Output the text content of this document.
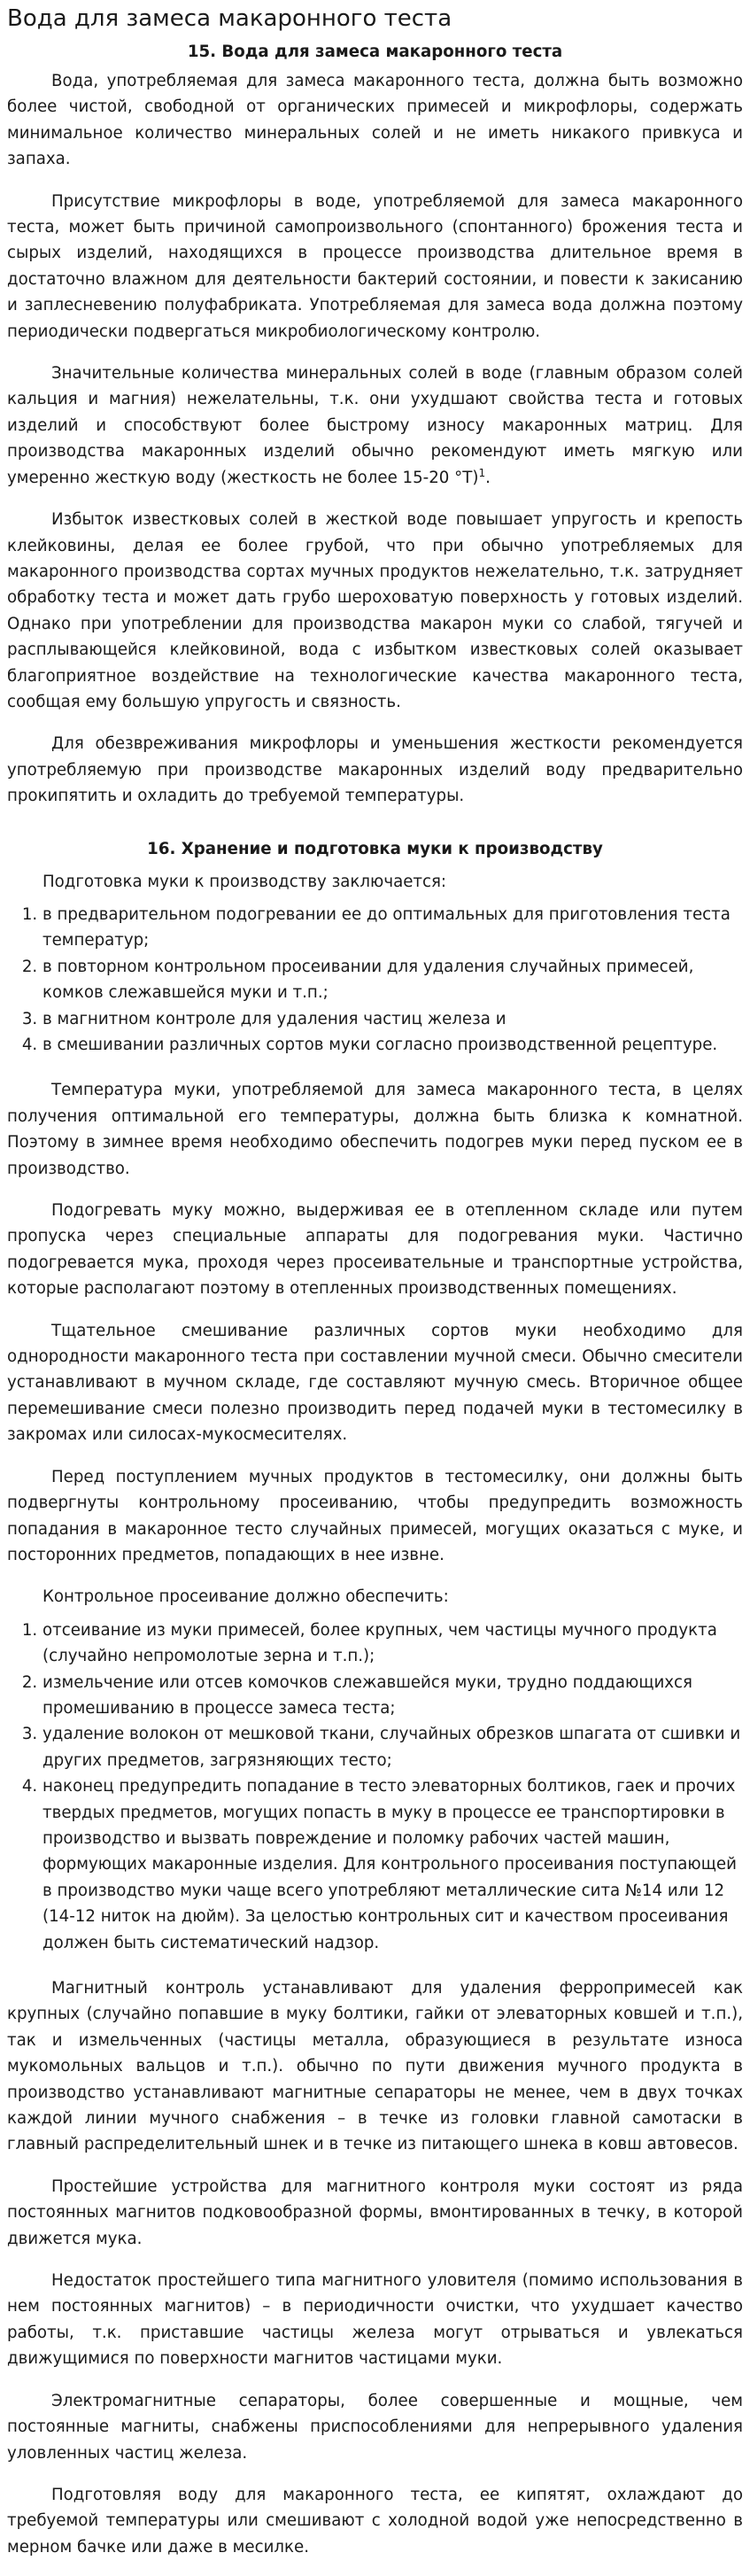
Вода для замеса макаронного теста
15. Вода для замеса макаронного теста

Вода, употребляемая для замеса макаронного теста, должна быть возможно более чистой, свободной от органических примесей и микрофлоры, содержать минимальное количество минеральных солей и не иметь никакого привкуса и запаха.

Присутствие микрофлоры в воде, употребляемой для замеса макаронного теста, может быть причиной самопроизвольного (спонтанного) брожения теста и сырых изделий, находящихся в процессе производства длительное время в достаточно влажном для деятельности бактерий состоянии, и повести к закисанию и заплесневению полуфабриката. Употребляемая для замеса вода должна поэтому периодически подвергаться микробиологическому контролю.

Значительные количества минеральных солей в воде (главным образом солей кальция и магния) нежелательны, т.к. они ухудшают свойства теста и готовых изделий и способствуют более быстрому износу макаронных матриц. Для производства макаронных изделий обычно рекомендуют иметь мягкую или умеренно жесткую воду (жесткость не более 15-20 °Т)$^1$.

Избыток известковых солей в жесткой воде повышает упругость и крепость клейковины, делая ее более грубой, что при обычно употребляемых для макаронного производства сортах мучных продуктов нежелательно, т.к. затрудняет обработку теста и может дать грубо шероховатую поверхность у готовых изделий. Однако при употреблении для производства макарон муки со слабой, тягучей и расплывающейся клейковиной, вода с избытком известковых солей оказывает благоприятное воздействие на технологические качества макаронного теста, сообщая ему большую упругость и связность.

Для обезвреживания микрофлоры и уменьшения жесткости рекомендуется употребляемую при производстве макаронных изделий воду предварительно прокипятить и охладить до требуемой температуры.

16. Хранение и подготовка муки к производству

Подготовка муки к производству заключается:

1. в предварительном подогревании ее до оптимальных для приготовления теста температур;
2. в повторном контрольном просеивании для удаления случайных примесей, комков слежавшейся муки и т.п.;
3. в магнитном контроле для удаления частиц железа и
4. в смешивании различных сортов муки согласно производственной рецептуре.

Температура муки, употребляемой для замеса макаронного теста, в целях получения оптимальной его температуры, должна быть близка к комнатной. Поэтому в зимнее время необходимо обеспечить подогрев муки перед пуском ее в производство.

Подогревать муку можно, выдерживая ее в отепленном складе или путем пропуска через специальные аппараты для подогревания муки. Частично подогревается мука, проходя через просеивательные и транспортные устройства, которые располагают поэтому в отепленных производственных помещениях.

Тщательное смешивание различных сортов муки необходимо для однородности макаронного теста при составлении мучной смеси. Обычно смесители устанавливают в мучном складе, где составляют мучную смесь. Вторичное общее перемешивание смеси полезно производить перед подачей муки в тестомесилку в закромах или силосах-мукосмесителях.

Перед поступлением мучных продуктов в тестомесилку, они должны быть подвергнуты контрольному просеиванию, чтобы предупредить возможность попадания в макаронное тесто случайных примесей, могущих оказаться с муке, и посторонних предметов, попадающих в нее извне.

Контрольное просеивание должно обеспечить:

1. отсеивание из муки примесей, более крупных, чем частицы мучного продукта (случайно непромолотые зерна и т.п.);
2. измельчение или отсев комочков слежавшейся муки, трудно поддающихся промешиванию в процессе замеса теста;
3. удаление волокон от мешковой ткани, случайных обрезков шпагата от сшивки и других предметов, загрязняющих тесто;
4. наконец предупредить попадание в тесто элеваторных болтиков, гаек и прочих твердых предметов, могущих попасть в муку в процессе ее транспортировки в производство и вызвать повреждение и поломку рабочих частей машин, формующих макаронные изделия. Для контрольного просеивания поступающей в производство муки чаще всего употребляют металлические сита №14 или 12 (14-12 ниток на дюйм). За целостью контрольных сит и качеством просеивания должен быть систематический надзор.

Магнитный контроль устанавливают для удаления ферропримесей как крупных (случайно попавшие в муку болтики, гайки от элеваторных ковшей и т.п.), так и измельченных (частицы металла, образующиеся в результате износа мукомольных вальцов и т.п.). обычно по пути движения мучного продукта в производство устанавливают магнитные сепараторы не менее, чем в двух точках каждой линии мучного снабжения – в течке из головки главной самотаски в главный распределительный шнек и в течке из питающего шнека в ковш автовесов.

Простейшие устройства для магнитного контроля муки состоят из ряда постоянных магнитов подковообразной формы, вмонтированных в течку, в которой движется мука.

Недостаток простейшего типа магнитного уловителя (помимо использования в нем постоянных магнитов) – в периодичности очистки, что ухудшает качество работы, т.к. приставшие частицы железа могут отрываться и увлекаться движущимися по поверхности магнитов частицами муки.

Электромагнитные сепараторы, более совершенные и мощные, чем постоянные магниты, снабжены приспособлениями для непрерывного удаления уловленных частиц железа.

Подготовляя воду для макаронного теста, ее кипятят, охлаждают до требуемой температуры или смешивают с холодной водой уже непосредственно в мерном бачке или даже в месилке.
